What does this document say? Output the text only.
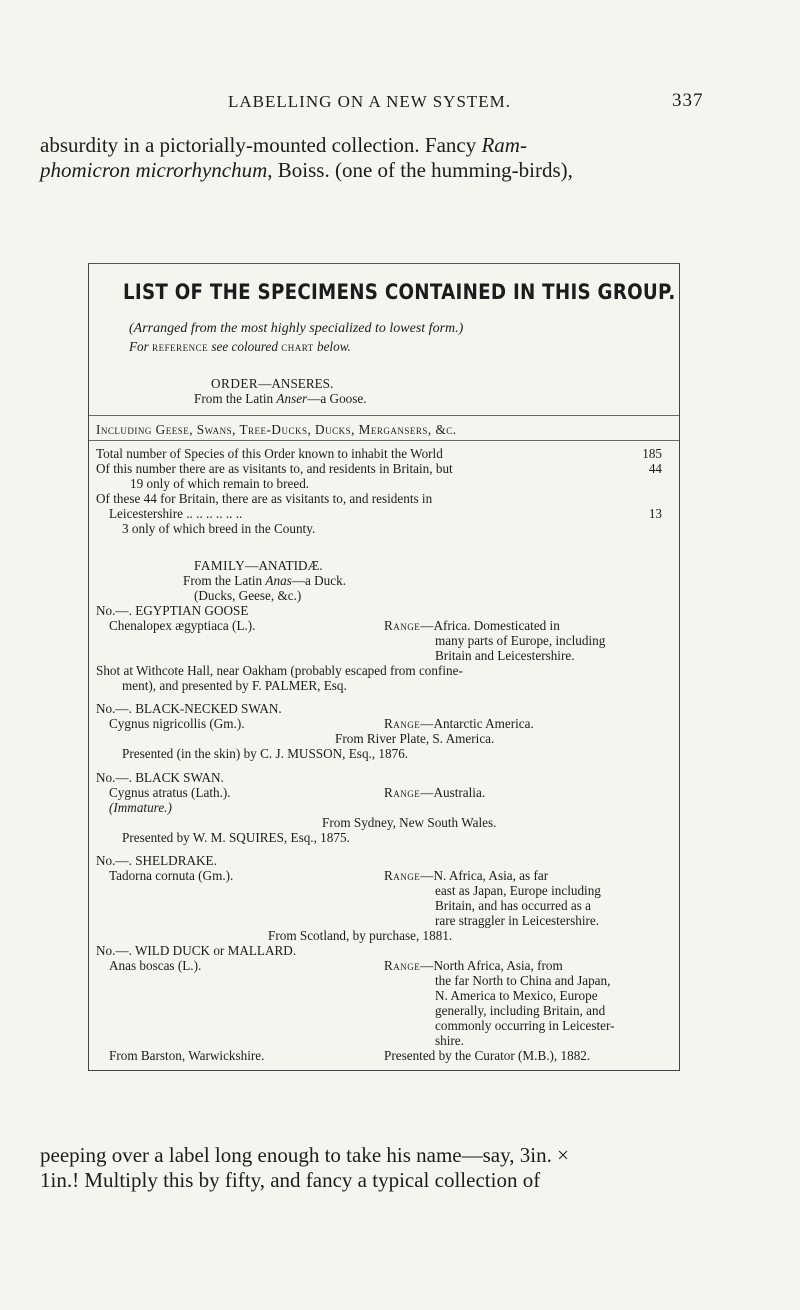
LABELLING ON A NEW SYSTEM.	337
absurdity in a pictorially-mounted collection. Fancy Ram-
phomicron microrhynchum, Boiss. (one of the humming-birds),
LIST OF THE SPECIMENS CONTAINED IN THIS GROUP.
(Arranged from the most highly specialized to lowest form.)
For reference see coloured chart below.
ORDER—ANSERES.
From the Latin Anser—a Goose.
Including Geese, Swans, Tree-Ducks, Ducks, Mergansers, &c.
Total number of Species of this Order known to inhabit the World	185
Of this number there are as visitants to, and residents in Britain, but	44
19 only of which remain to breed.
Of these 44 for Britain, there are as visitants to, and residents in
Leicestershire .. .. .. .. .. ..	13
3 only of which breed in the County.
FAMILY—ANATIDÆ.
From the Latin Anas—a Duck.
(Ducks, Geese, &c.)
No.—. EGYPTIAN GOOSE
Chenalopex ægyptiaca (L.).	Range—Africa. Domesticated in
many parts of Europe, including
Britain and Leicestershire.
Shot at Withcote Hall, near Oakham (probably escaped from confine-
ment), and presented by F. PALMER, Esq.
No.—. BLACK-NECKED SWAN.
Cygnus nigricollis (Gm.).	Range—Antarctic America.
From River Plate, S. America.
Presented (in the skin) by C. J. MUSSON, Esq., 1876.
No.—. BLACK SWAN.
Cygnus atratus (Lath.).	Range—Australia.
(Immature.)
From Sydney, New South Wales.
Presented by W. M. SQUIRES, Esq., 1875.
No.—. SHELDRAKE.
Tadorna cornuta (Gm.).	Range—N. Africa, Asia, as far
east as Japan, Europe including
Britain, and has occurred as a
rare straggler in Leicestershire.
From Scotland, by purchase, 1881.
No.—. WILD DUCK or MALLARD.
Anas boscas (L.).	Range—North Africa, Asia, from
the far North to China and Japan,
N. America to Mexico, Europe
generally, including Britain, and
commonly occurring in Leicester-
shire.
From Barston, Warwickshire.	Presented by the Curator (M.B.), 1882.
peeping over a label long enough to take his name—say, 3in. ×
1in.! Multiply this by fifty, and fancy a typical collection of
